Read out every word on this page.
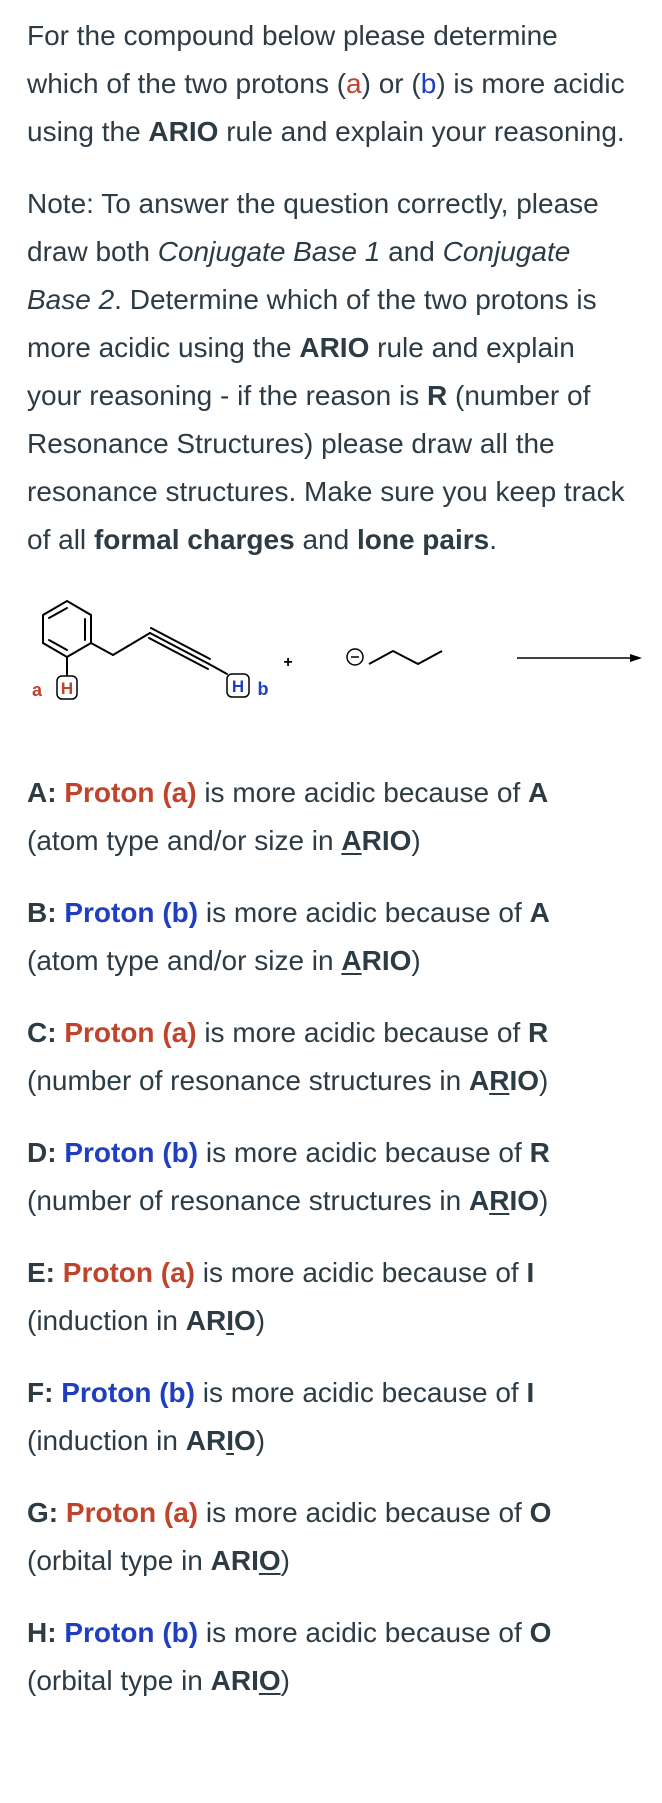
For the compound below please determine which of the two protons (a) or (b) is more acidic using the ARIO rule and explain your reasoning.

Note: To answer the question correctly, please draw both Conjugate Base 1 and Conjugate Base 2. Determine which of the two protons is more acidic using the ARIO rule and explain your reasoning - if the reason is R (number of Resonance Structures) please draw all the resonance structures. Make sure you keep track of all formal charges and lone pairs.

H
a	H b
+

A: Proton (a) is more acidic because of A
(atom type and/or size in ARIO)

B: Proton (b) is more acidic because of A
(atom type and/or size in ARIO)

C: Proton (a) is more acidic because of R
(number of resonance structures in ARIO)

D: Proton (b) is more acidic because of R
(number of resonance structures in ARIO)

E: Proton (a) is more acidic because of I
(induction in ARIO)

F: Proton (b) is more acidic because of I
(induction in ARIO)

G: Proton (a) is more acidic because of O
(orbital type in ARIO)

H: Proton (b) is more acidic because of O
(orbital type in ARIO)
